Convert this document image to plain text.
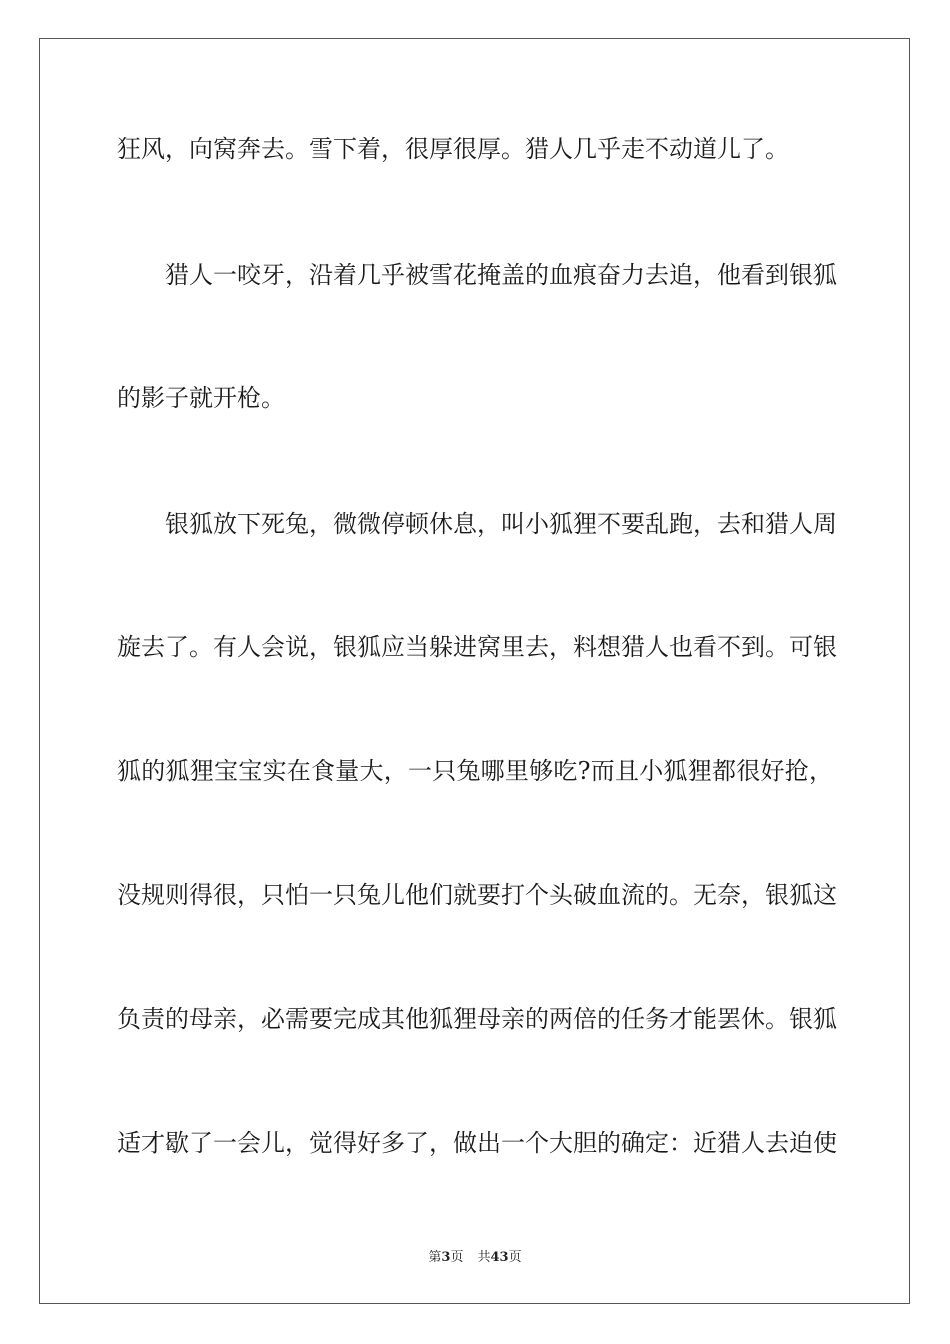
狂风，向窝奔去。雪下着，很厚很厚。猎人几乎走不动道儿了。
猎人一咬牙，沿着几乎被雪花掩盖的血痕奋力去追，他看到银狐
的影子就开枪。
银狐放下死兔，微微停顿休息，叫小狐狸不要乱跑，去和猎人周
旋去了。有人会说，银狐应当躲进窝里去，料想猎人也看不到。可银
狐的狐狸宝宝实在食量大，一只兔哪里够吃?而且小狐狸都很好抢，
没规则得很，只怕一只兔儿他们就要打个头破血流的。无奈，银狐这
负责的母亲，必需要完成其他狐狸母亲的两倍的任务才能罢休。银狐
适才歇了一会儿，觉得好多了，做出一个大胆的确定：近猎人去迫使
第3页 共43页
